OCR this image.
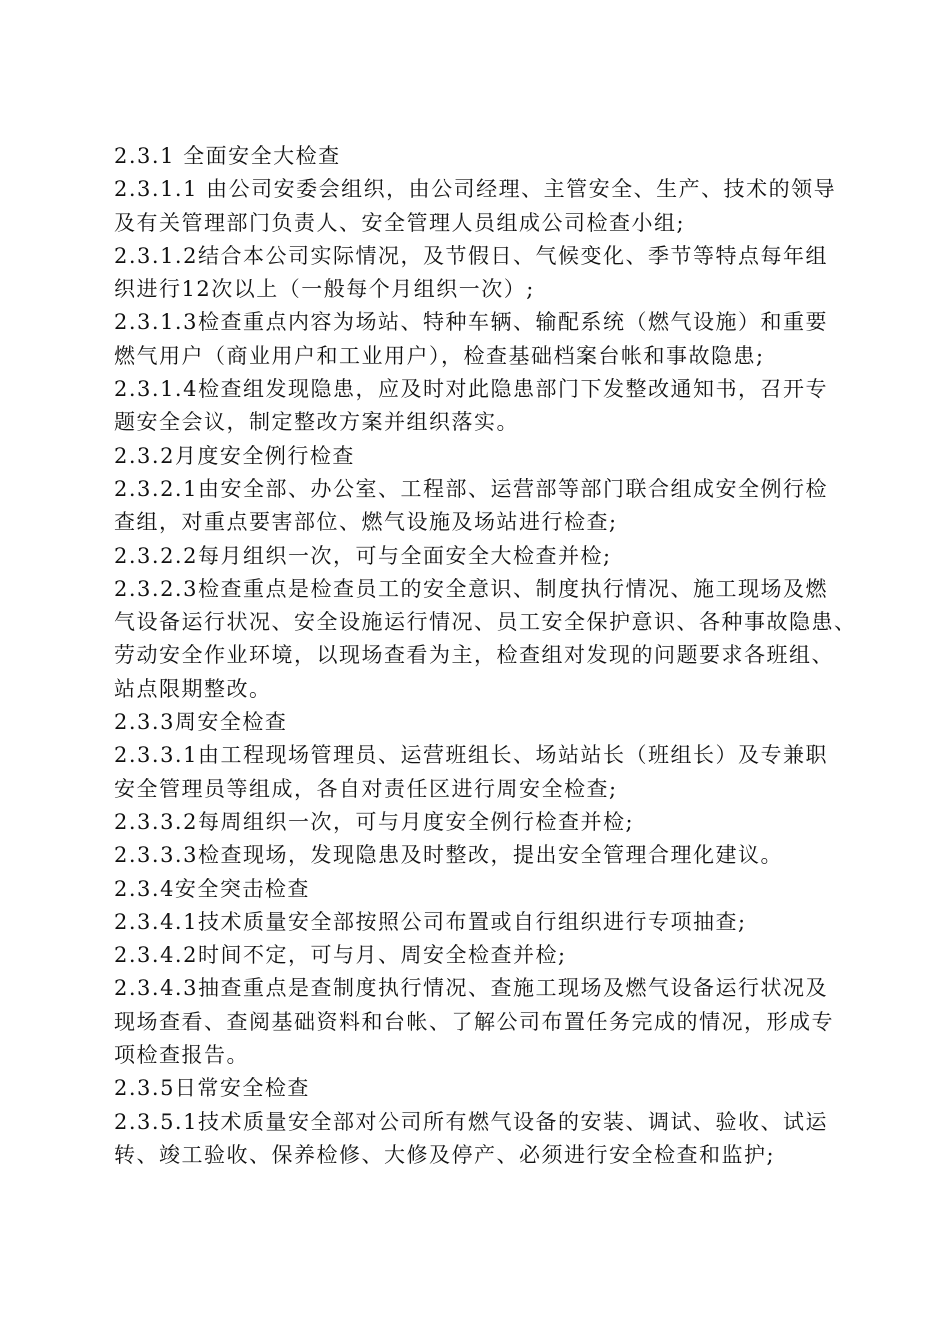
2.3.1 全面安全大检查
2.3.1.1 由公司安委会组织，由公司经理、主管安全、生产、技术的领导
及有关管理部门负责人、安全管理人员组成公司检查小组;
2.3.1.2结合本公司实际情况，及节假日、气候变化、季节等特点每年组
织进行12次以上（一般每个月组织一次）;
2.3.1.3检查重点内容为场站、特种车辆、输配系统（燃气设施）和重要
燃气用户（商业用户和工业用户），检查基础档案台帐和事故隐患;
2.3.1.4检查组发现隐患，应及时对此隐患部门下发整改通知书，召开专
题安全会议，制定整改方案并组织落实。
2.3.2月度安全例行检查
2.3.2.1由安全部、办公室、工程部、运营部等部门联合组成安全例行检
查组，对重点要害部位、燃气设施及场站进行检查;
2.3.2.2每月组织一次，可与全面安全大检查并检;
2.3.2.3检查重点是检查员工的安全意识、制度执行情况、施工现场及燃
气设备运行状况、安全设施运行情况、员工安全保护意识、各种事故隐患、
劳动安全作业环境，以现场查看为主，检查组对发现的问题要求各班组、
站点限期整改。
2.3.3周安全检查
2.3.3.1由工程现场管理员、运营班组长、场站站长（班组长）及专兼职
安全管理员等组成，各自对责任区进行周安全检查;
2.3.3.2每周组织一次，可与月度安全例行检查并检;
2.3.3.3检查现场，发现隐患及时整改，提出安全管理合理化建议。
2.3.4安全突击检查
2.3.4.1技术质量安全部按照公司布置或自行组织进行专项抽查;
2.3.4.2时间不定，可与月、周安全检查并检;
2.3.4.3抽查重点是查制度执行情况、查施工现场及燃气设备运行状况及
现场查看、查阅基础资料和台帐、了解公司布置任务完成的情况，形成专
项检查报告。
2.3.5日常安全检查
2.3.5.1技术质量安全部对公司所有燃气设备的安装、调试、验收、试运
转、竣工验收、保养检修、大修及停产、必须进行安全检查和监护;
